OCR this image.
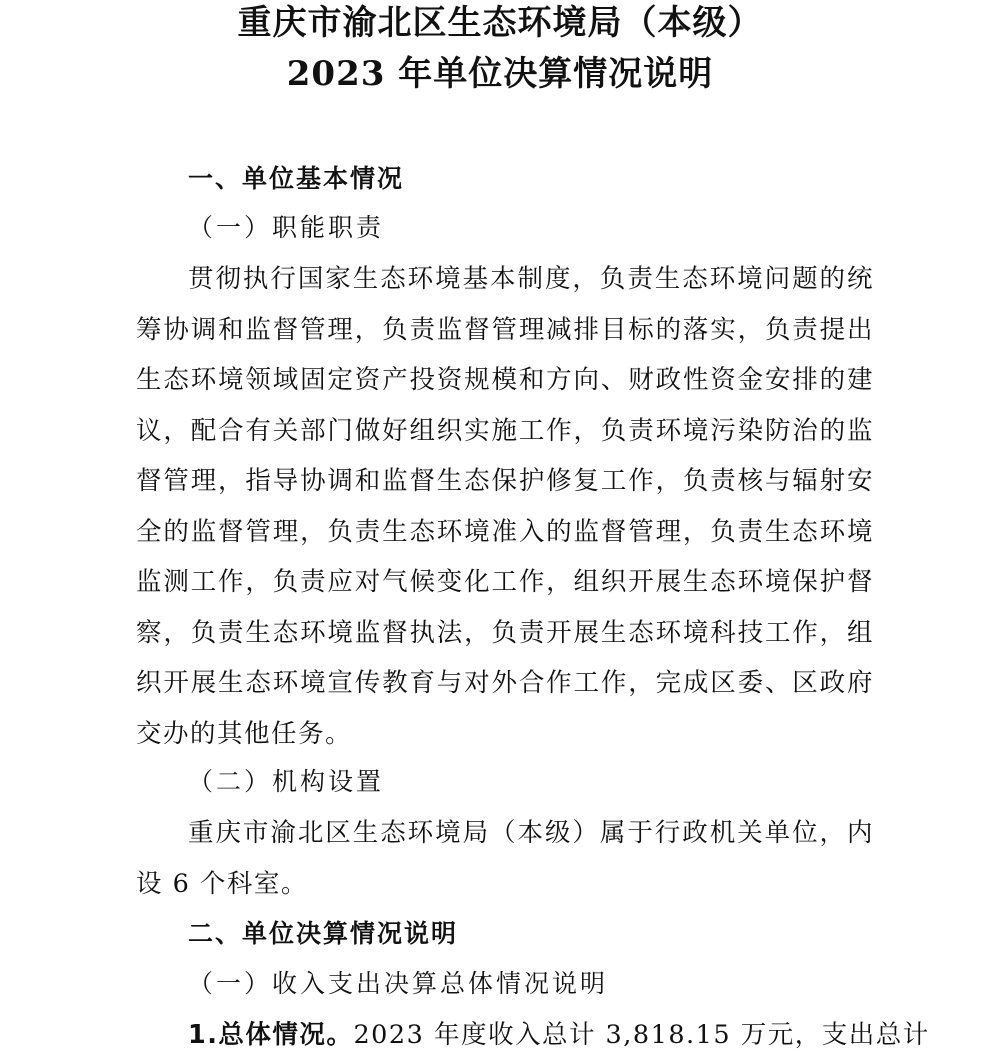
重庆市渝北区生态环境局（本级）
2023 年单位决算情况说明
一、单位基本情况
（一）职能职责
贯彻执行国家生态环境基本制度，负责生态环境问题的统筹协调和监督管理，负责监督管理减排目标的落实，负责提出生态环境领域固定资产投资规模和方向、财政性资金安排的建议，配合有关部门做好组织实施工作，负责环境污染防治的监督管理，指导协调和监督生态保护修复工作，负责核与辐射安全的监督管理，负责生态环境准入的监督管理，负责生态环境监测工作，负责应对气候变化工作，组织开展生态环境保护督察，负责生态环境监督执法，负责开展生态环境科技工作，组织开展生态环境宣传教育与对外合作工作，完成区委、区政府交办的其他任务。
（二）机构设置
重庆市渝北区生态环境局（本级）属于行政机关单位，内设 6 个科室。
二、单位决算情况说明
（一）收入支出决算总体情况说明
1.总体情况。2023 年度收入总计 3,818.15 万元，支出总计
